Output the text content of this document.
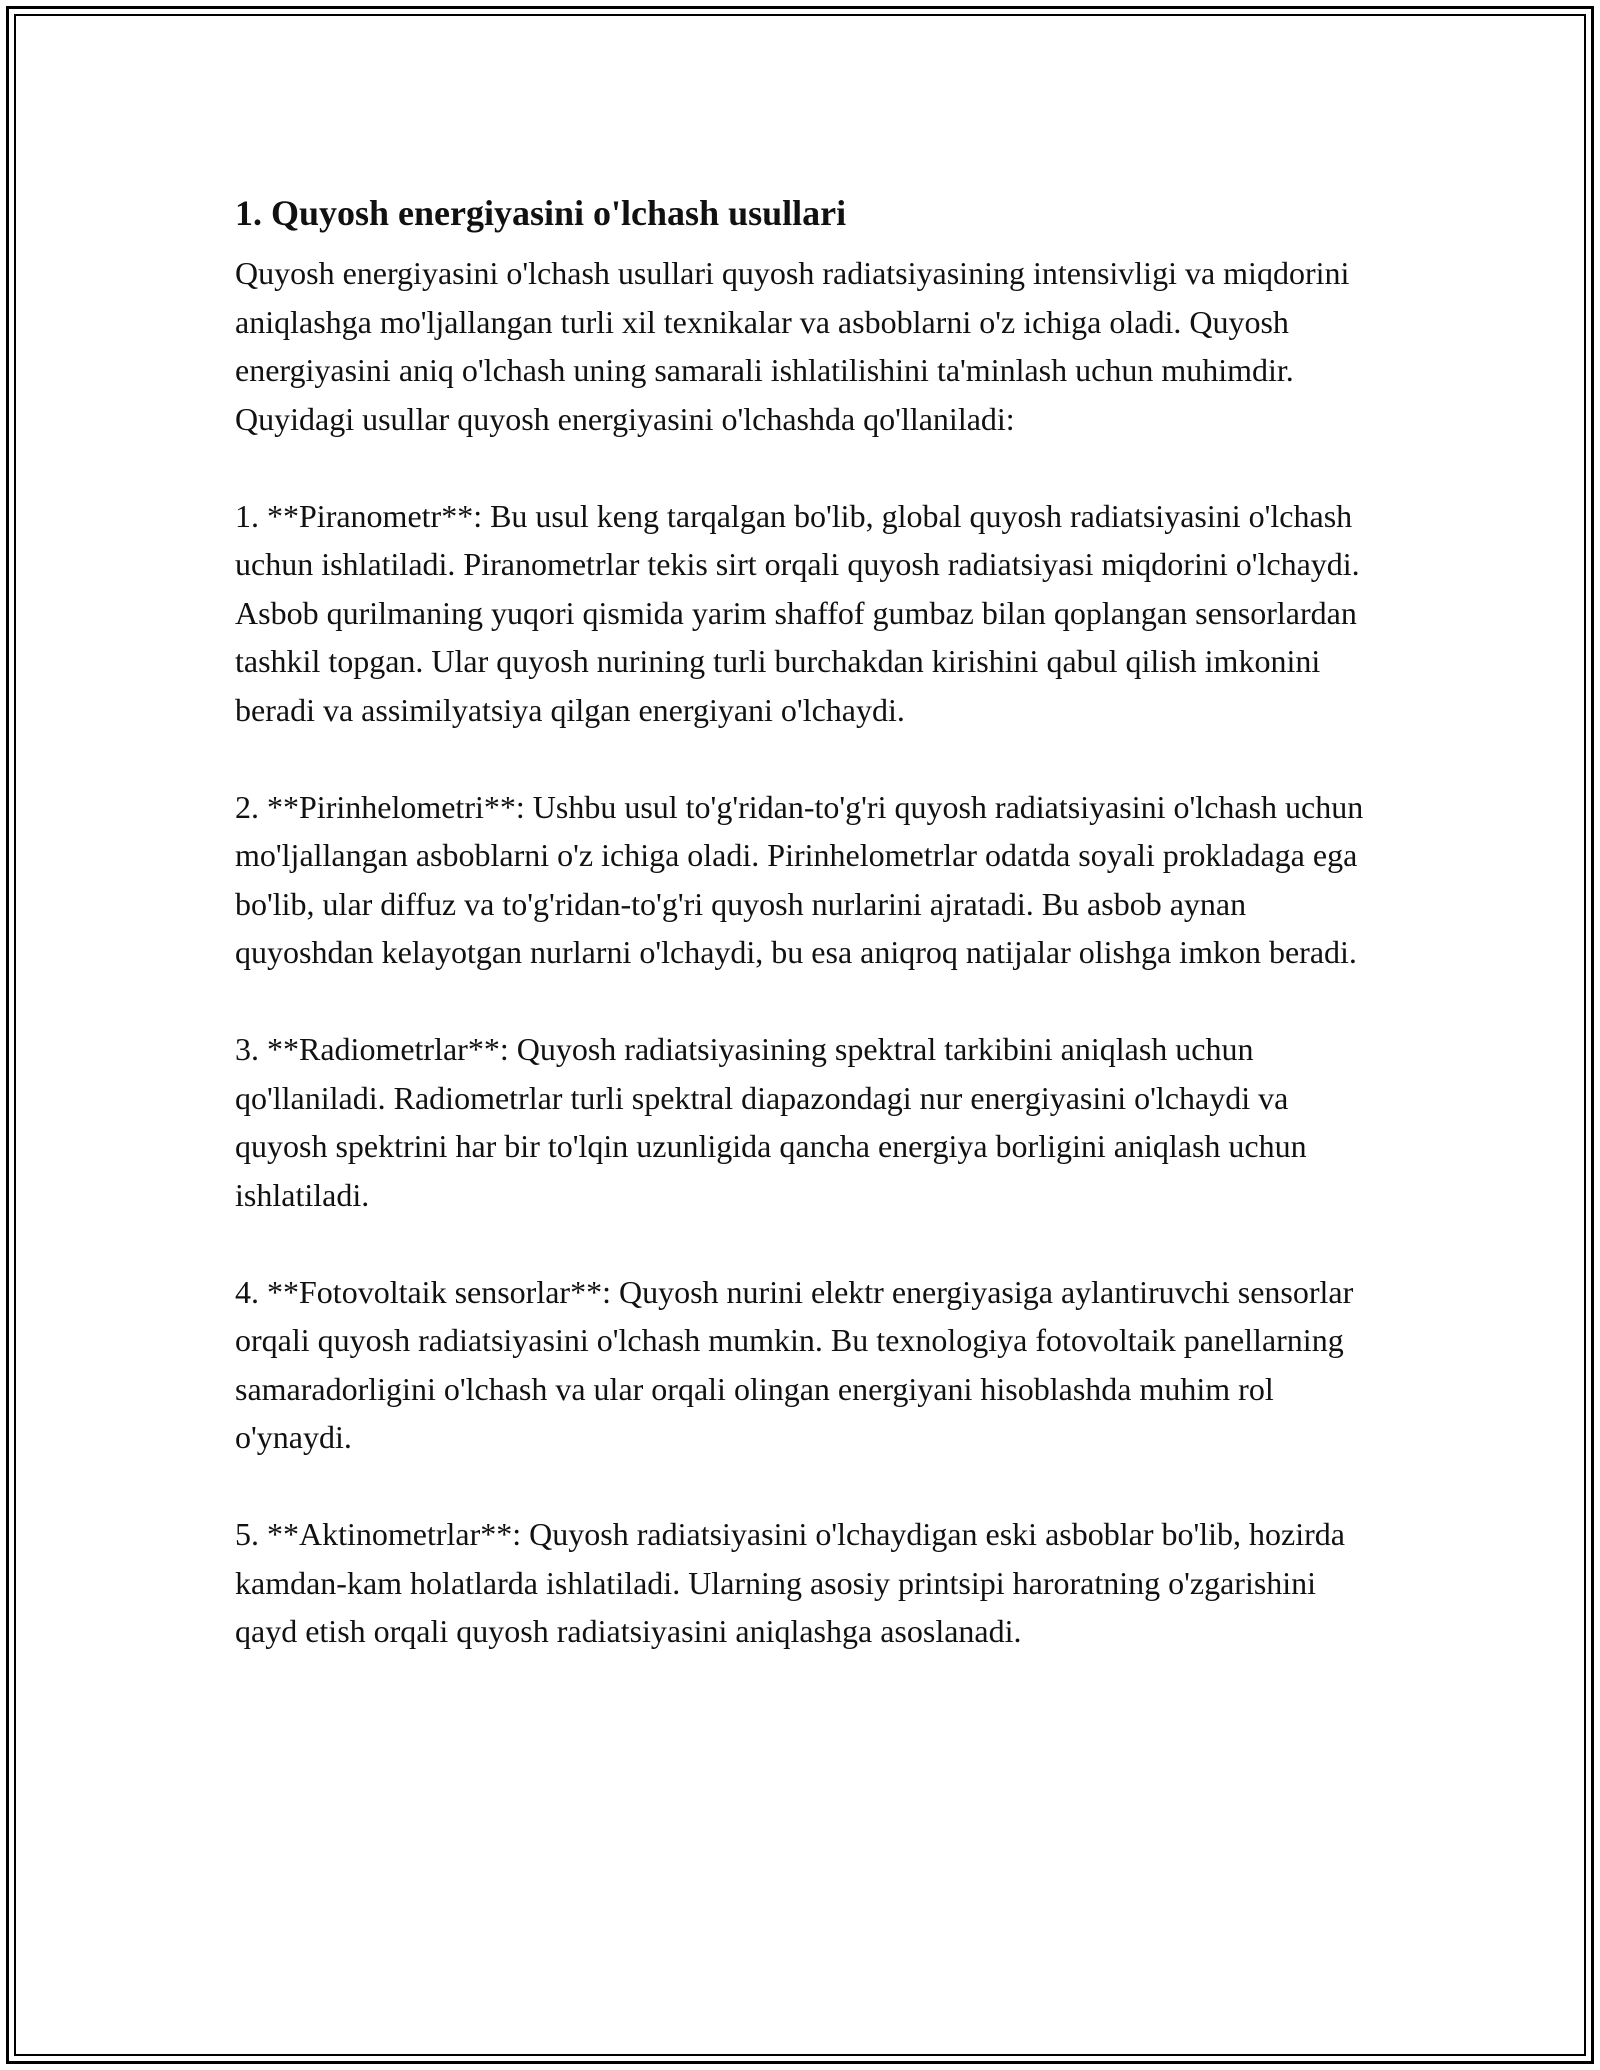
1. Quyosh energiyasini o'lchash usullari

Quyosh energiyasini o'lchash usullari quyosh radiatsiyasining intensivligi va miqdorini aniqlashga mo'ljallangan turli xil texnikalar va asboblarni o'z ichiga oladi. Quyosh energiyasini aniq o'lchash uning samarali ishlatilishini ta'minlash uchun muhimdir. Quyidagi usullar quyosh energiyasini o'lchashda qo'llaniladi:

1. **Piranometr**: Bu usul keng tarqalgan bo'lib, global quyosh radiatsiyasini o'lchash uchun ishlatiladi. Piranometrlar tekis sirt orqali quyosh radiatsiyasi miqdorini o'lchaydi. Asbob qurilmaning yuqori qismida yarim shaffof gumbaz bilan qoplangan sensorlardan tashkil topgan. Ular quyosh nurining turli burchakdan kirishini qabul qilish imkonini beradi va assimilyatsiya qilgan energiyani o'lchaydi.

2. **Pirinhelometri**: Ushbu usul to'g'ridan-to'g'ri quyosh radiatsiyasini o'lchash uchun mo'ljallangan asboblarni o'z ichiga oladi. Pirinhelometrlar odatda soyali prokladaga ega bo'lib, ular diffuz va to'g'ridan-to'g'ri quyosh nurlarini ajratadi. Bu asbob aynan quyoshdan kelayotgan nurlarni o'lchaydi, bu esa aniqroq natijalar olishga imkon beradi.

3. **Radiometrlar**: Quyosh radiatsiyasining spektral tarkibini aniqlash uchun qo'llaniladi. Radiometrlar turli spektral diapazondagi nur energiyasini o'lchaydi va quyosh spektrini har bir to'lqin uzunligida qancha energiya borligini aniqlash uchun ishlatiladi.

4. **Fotovoltaik sensorlar**: Quyosh nurini elektr energiyasiga aylantiruvchi sensorlar orqali quyosh radiatsiyasini o'lchash mumkin. Bu texnologiya fotovoltaik panellarning samaradorligini o'lchash va ular orqali olingan energiyani hisoblashda muhim rol o'ynaydi.

5. **Aktinometrlar**: Quyosh radiatsiyasini o'lchaydigan eski asboblar bo'lib, hozirda kamdan-kam holatlarda ishlatiladi. Ularning asosiy printsipi haroratning o'zgarishini qayd etish orqali quyosh radiatsiyasini aniqlashga asoslanadi.
